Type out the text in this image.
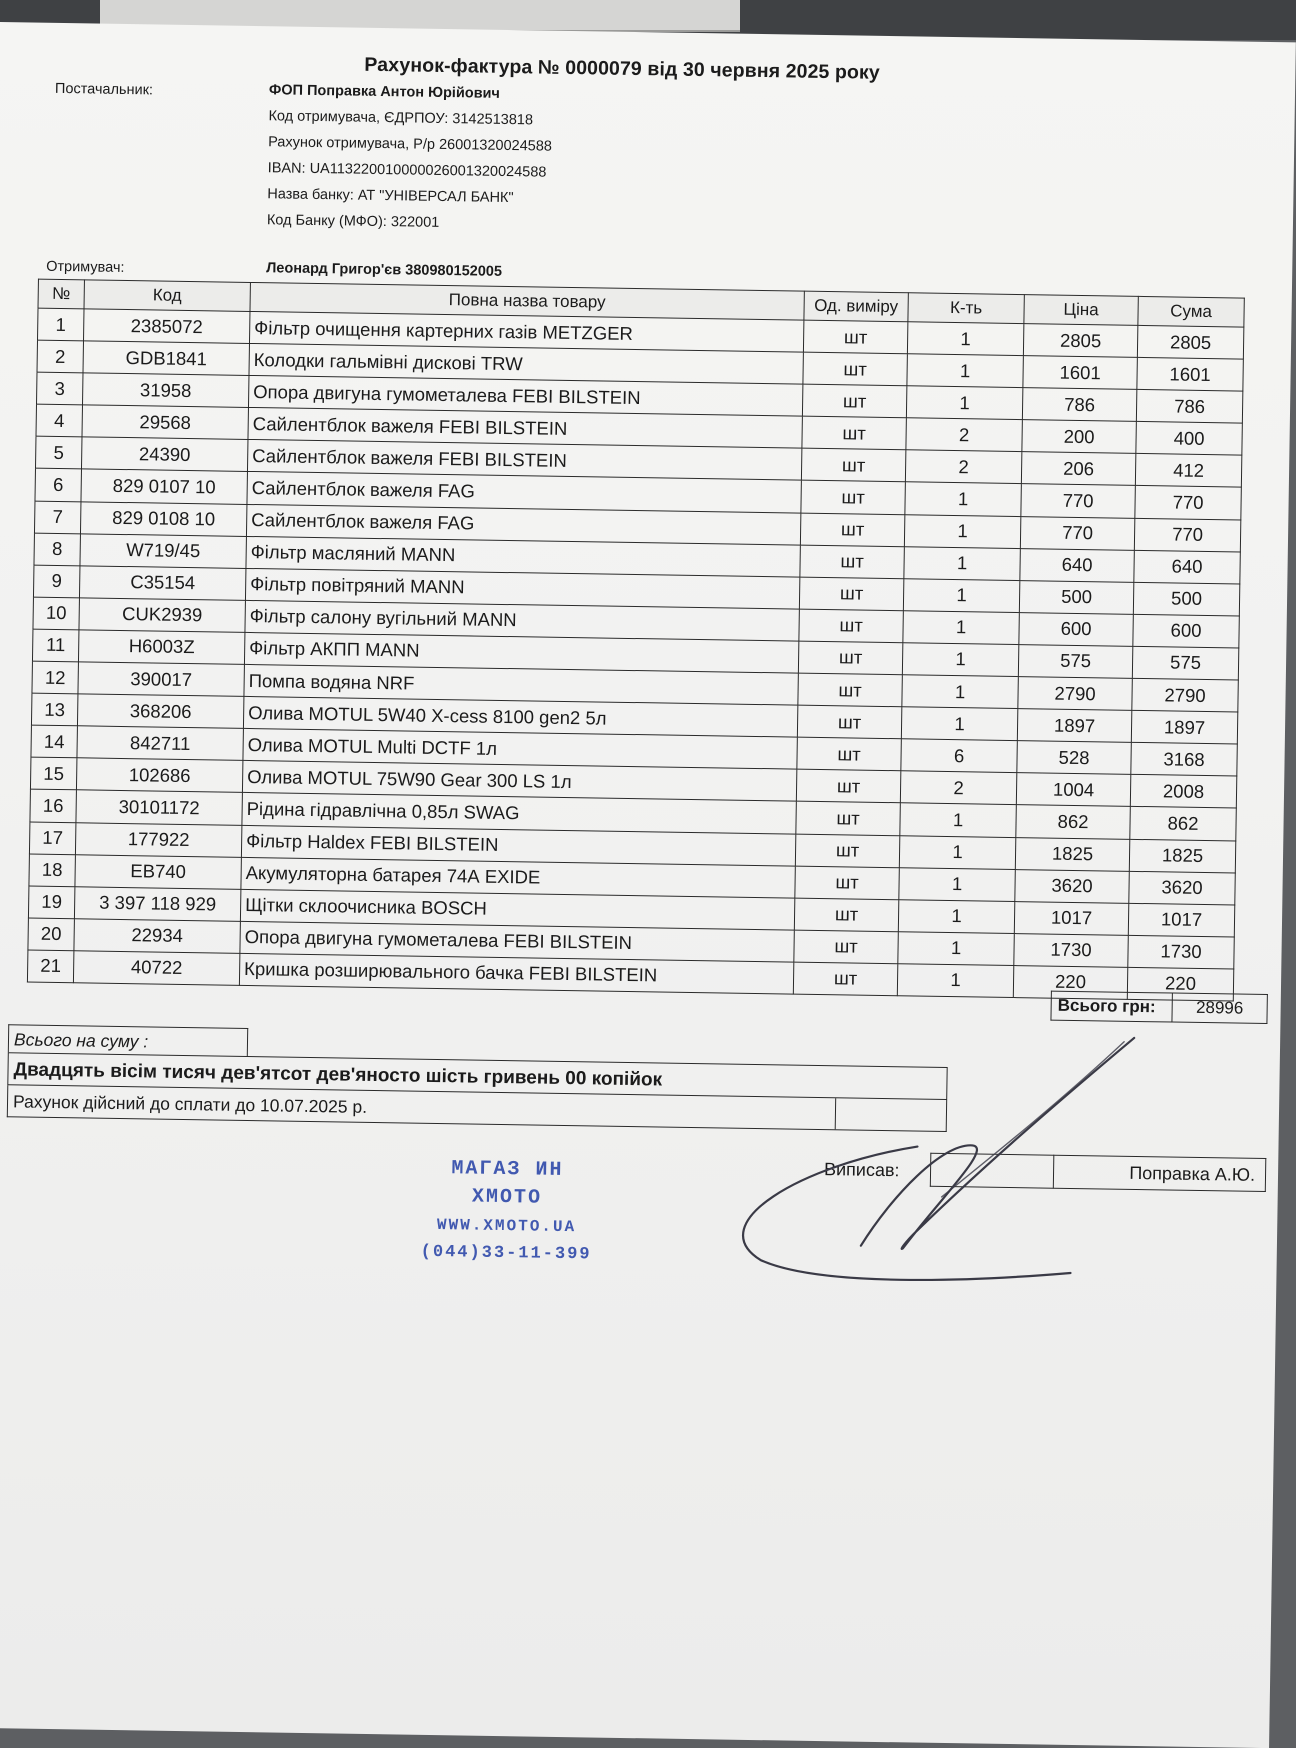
Рахунок-фактура № 0000079 від 30 червня 2025 року
Постачальник:	ФОП Поправка Антон Юрійович
Код отримувача, ЄДРПОУ: 3142513818
Рахунок отримувача, Р/р 26001320024588
IBAN: UA113220010000026001320024588
Назва банку: АТ "УНІВЕРСАЛ БАНК"
Код Банку (МФО): 322001
Отримувач:	Леонард Григор'єв 380980152005
№	Код	Повна назва товару	Од. виміру	К-ть	Ціна	Сума
1	2385072	Фільтр очищення картерних газів METZGER	шт	1	2805	2805
2	GDB1841	Колодки гальмівні дискові TRW	шт	1	1601	1601
3	31958	Опора двигуна гумометалева FEBI BILSTEIN	шт	1	786	786
4	29568	Сайлентблок важеля FEBI BILSTEIN	шт	2	200	400
5	24390	Сайлентблок важеля FEBI BILSTEIN	шт	2	206	412
6	829 0107 10	Сайлентблок важеля FAG	шт	1	770	770
7	829 0108 10	Сайлентблок важеля FAG	шт	1	770	770
8	W719/45	Фільтр масляний MANN	шт	1	640	640
9	C35154	Фільтр повітряний MANN	шт	1	500	500
10	CUK2939	Фільтр салону вугільний MANN	шт	1	600	600
11	H6003Z	Фільтр АКПП MANN	шт	1	575	575
12	390017	Помпа водяна NRF	шт	1	2790	2790
13	368206	Олива MOTUL 5W40 X-cess 8100 gen2 5л	шт	1	1897	1897
14	842711	Олива MOTUL Multi DCTF 1л	шт	6	528	3168
15	102686	Олива MOTUL 75W90 Gear 300 LS 1л	шт	2	1004	2008
16	30101172	Рідина гідравлічна 0,85л SWAG	шт	1	862	862
17	177922	Фільтр Haldex FEBI BILSTEIN	шт	1	1825	1825
18	EB740	Акумуляторна батарея 74А EXIDE	шт	1	3620	3620
19	3 397 118 929	Щітки склоочисника BOSCH	шт	1	1017	1017
20	22934	Опора двигуна гумометалева FEBI BILSTEIN	шт	1	1730	1730
21	40722	Кришка розширювального бачка FEBI BILSTEIN	шт	1	220	220
Всього грн:	28996
Всього на суму :
Двадцять вісім тисяч дев'ятсот дев'яносто шість гривень 00 копійок
Рахунок дійсний до сплати до 10.07.2025 р.
МАГАЗ ИН
ХМОТО
WWW.XMOTO.UA
(044)33-11-399
Виписав:
		Поправка А.Ю.
